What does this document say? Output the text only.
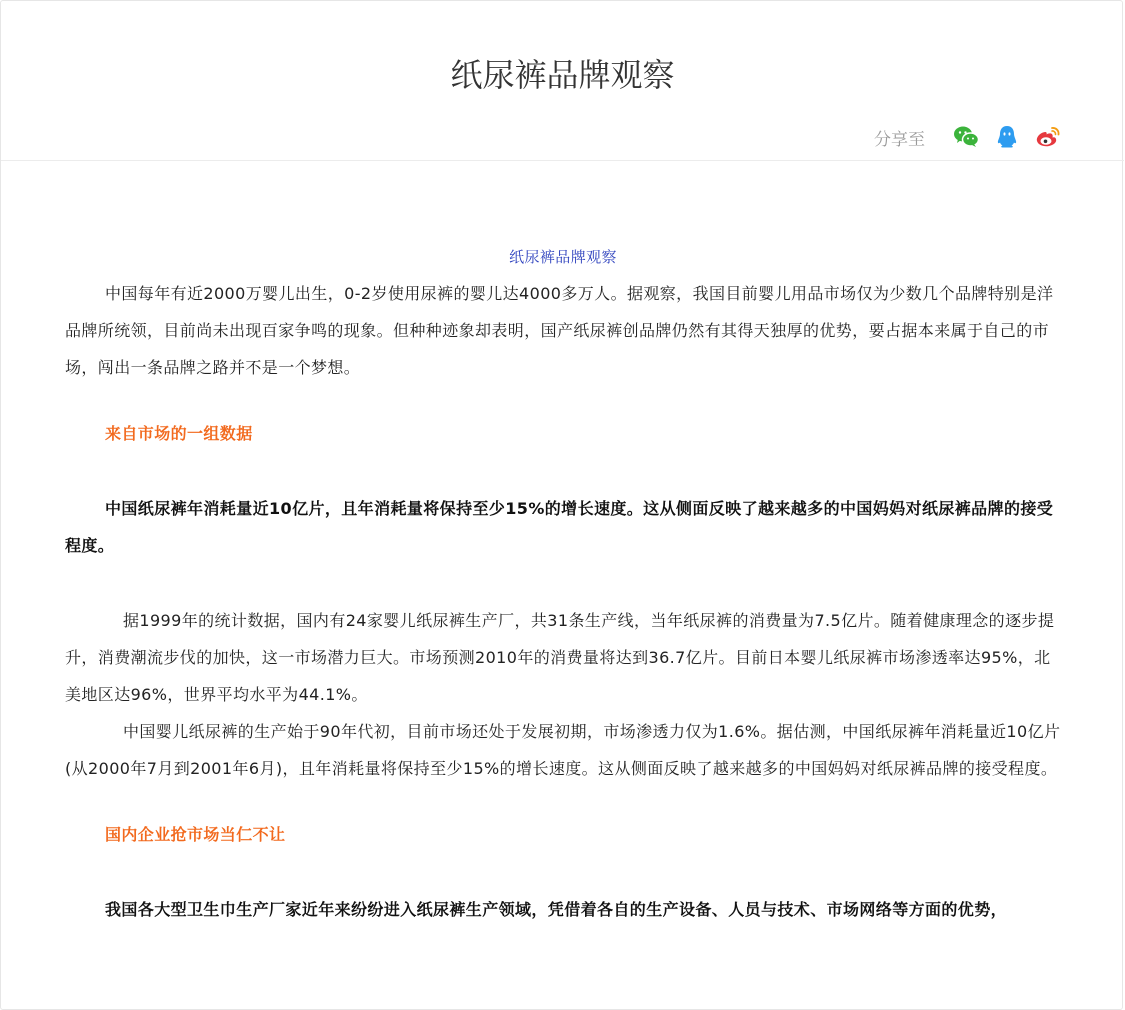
纸尿裤品牌观察
分享至

纸尿裤品牌观察

中国每年有近2000万婴儿出生，0-2岁使用尿裤的婴儿达4000多万人。据观察，我国目前婴儿用品市场仅为少数几个品牌特别是洋品牌所统领，目前尚未出现百家争鸣的现象。但种种迹象却表明，国产纸尿裤创品牌仍然有其得天独厚的优势，要占据本来属于自己的市场，闯出一条品牌之路并不是一个梦想。

来自市场的一组数据

中国纸尿裤年消耗量近10亿片，且年消耗量将保持至少15%的增长速度。这从侧面反映了越来越多的中国妈妈对纸尿裤品牌的接受程度。

据1999年的统计数据，国内有24家婴儿纸尿裤生产厂，共31条生产线，当年纸尿裤的消费量为7.5亿片。随着健康理念的逐步提升，消费潮流步伐的加快，这一市场潜力巨大。市场预测2010年的消费量将达到36.7亿片。目前日本婴儿纸尿裤市场渗透率达95%，北美地区达96%，世界平均水平为44.1%。

中国婴儿纸尿裤的生产始于90年代初，目前市场还处于发展初期，市场渗透力仅为1.6%。据估测，中国纸尿裤年消耗量近10亿片(从2000年7月到2001年6月)，且年消耗量将保持至少15%的增长速度。这从侧面反映了越来越多的中国妈妈对纸尿裤品牌的接受程度。

国内企业抢市场当仁不让

我国各大型卫生巾生产厂家近年来纷纷进入纸尿裤生产领域，凭借着各自的生产设备、人员与技术、市场网络等方面的优势，
